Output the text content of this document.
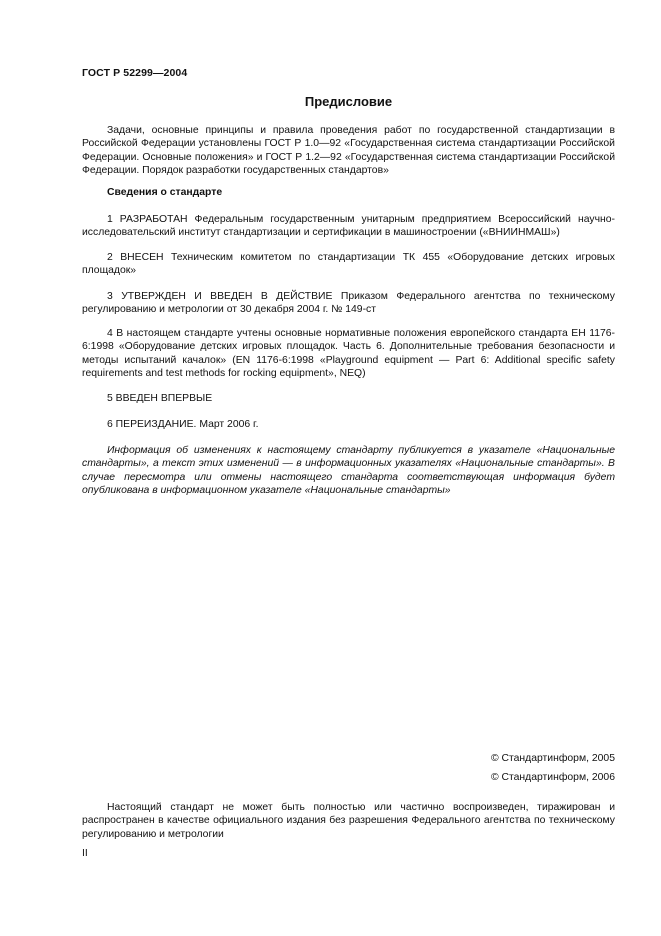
ГОСТ Р 52299—2004
Предисловие
Задачи, основные принципы и правила проведения работ по государственной стандартизации в Российской Федерации установлены ГОСТ Р 1.0—92 «Государственная система стандартизации Российской Федерации. Основные положения» и ГОСТ Р 1.2—92 «Государственная система стандартизации Российской Федерации. Порядок разработки государственных стандартов»
Сведения о стандарте
1 РАЗРАБОТАН Федеральным государственным унитарным предприятием Всероссийский научно-исследовательский институт стандартизации и сертификации в машиностроении («ВНИИНМАШ»)
2 ВНЕСЕН Техническим комитетом по стандартизации ТК 455 «Оборудование детских игровых площадок»
3 УТВЕРЖДЕН И ВВЕДЕН В ДЕЙСТВИЕ Приказом Федерального агентства по техническому регулированию и метрологии от 30 декабря 2004 г. № 149-ст
4 В настоящем стандарте учтены основные нормативные положения европейского стандарта ЕН 1176-6:1998 «Оборудование детских игровых площадок. Часть 6. Дополнительные требования безопасности и методы испытаний качалок» (EN 1176-6:1998 «Playground equipment — Part 6: Additional specific safety requirements and test methods for rocking equipment», NEQ)
5 ВВЕДЕН ВПЕРВЫЕ
6 ПЕРЕИЗДАНИЕ. Март 2006 г.
Информация об изменениях к настоящему стандарту публикуется в указателе «Национальные стандарты», а текст этих изменений — в информационных указателях «Национальные стандарты». В случае пересмотра или отмены настоящего стандарта соответствующая информация будет опубликована в информационном указателе «Национальные стандарты»
© Стандартинформ, 2005
© Стандартинформ, 2006
Настоящий стандарт не может быть полностью или частично воспроизведен, тиражирован и распространен в качестве официального издания без разрешения Федерального агентства по техническому регулированию и метрологии
II
